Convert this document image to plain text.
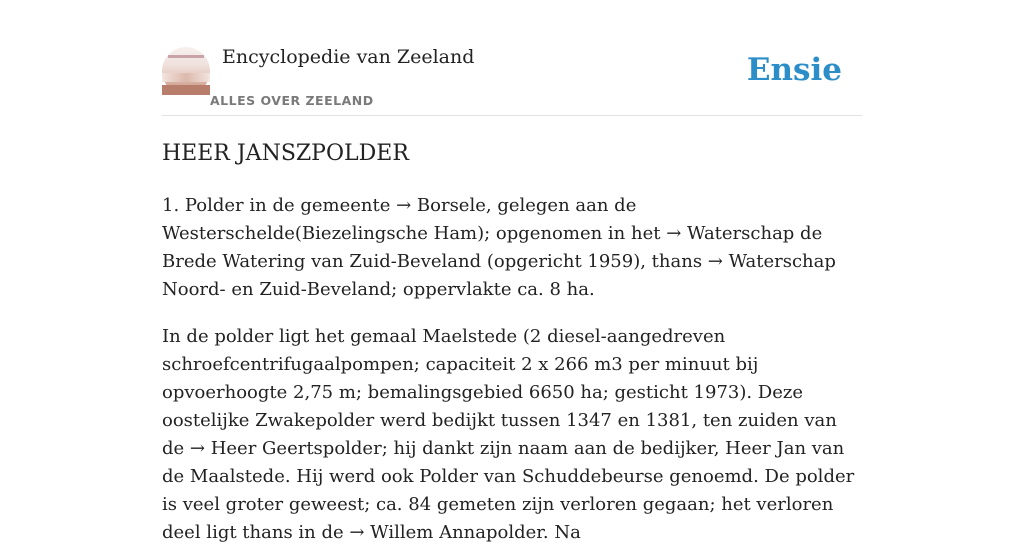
Encyclopedie van Zeeland
ALLES OVER ZEELAND
Ensie
HEER JANSZPOLDER

1. Polder in de gemeente → Borsele, gelegen aan de Westerschelde(Biezelingsche Ham); opgenomen in het → Waterschap de Brede Watering van Zuid-Beveland (opgericht 1959), thans → Waterschap Noord- en Zuid-Beveland; oppervlakte ca. 8 ha.

In de polder ligt het gemaal Maelstede (2 diesel-aangedreven schroefcentrifugaalpompen; capaciteit 2 x 266 m3 per minuut bij opvoerhoogte 2,75 m; bemalingsgebied 6650 ha; gesticht 1973). Deze oostelijke Zwakepolder werd bedijkt tussen 1347 en 1381, ten zuiden van de → Heer Geertspolder; hij dankt zijn naam aan de bedijker, Heer Jan van de Maalstede. Hij werd ook Polder van Schuddebeurse genoemd. De polder is veel groter geweest; ca. 84 gemeten zijn verloren gegaan; het verloren deel ligt thans in de → Willem Annapolder. Na
